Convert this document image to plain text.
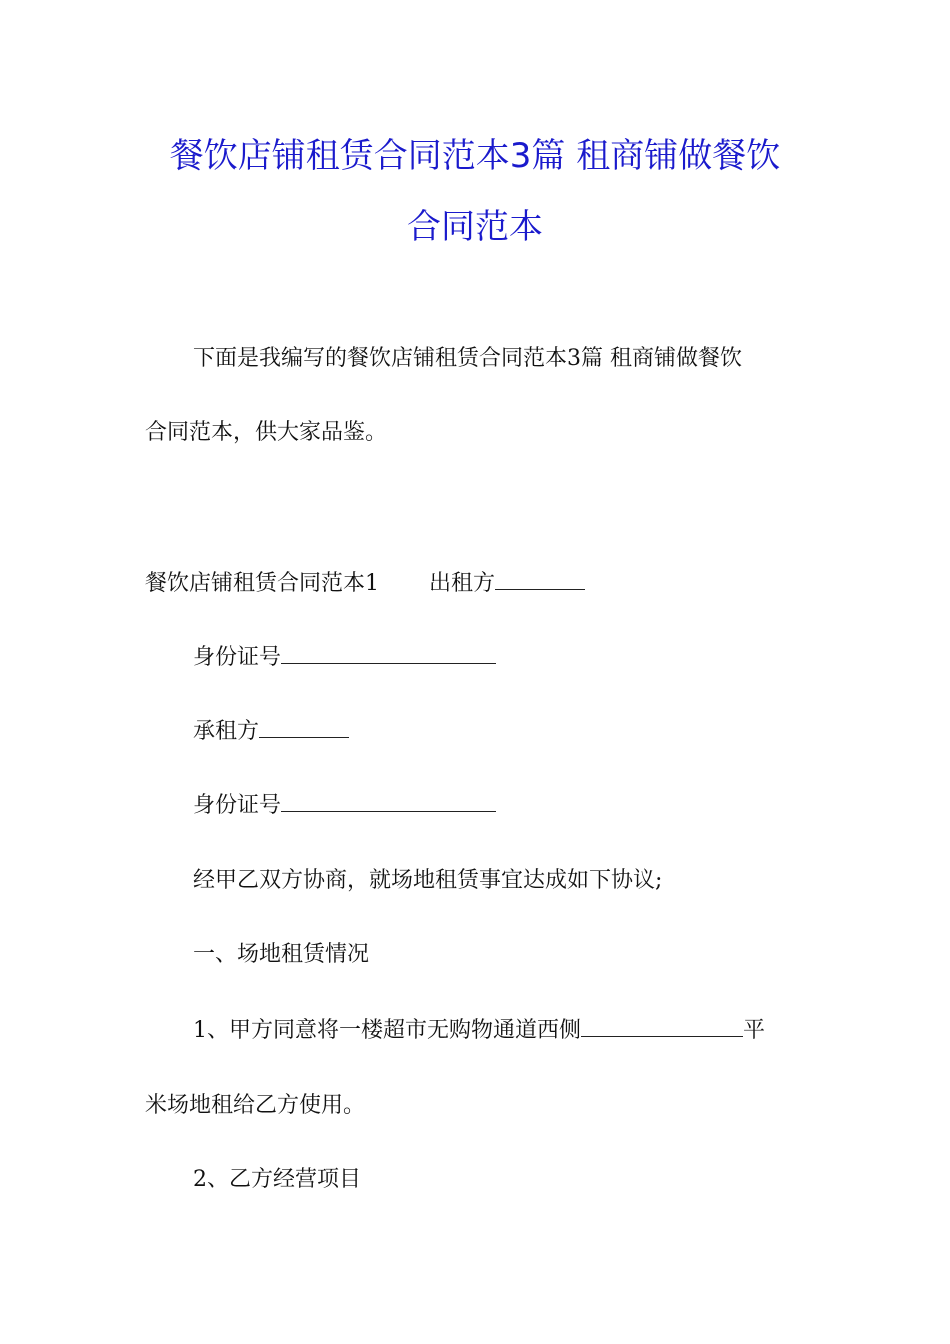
餐饮店铺租赁合同范本3篇 租商铺做餐饮
合同范本
下面是我编写的餐饮店铺租赁合同范本3篇 租商铺做餐饮
合同范本，供大家品鉴。
餐饮店铺租赁合同范本1 出租方
身份证号
承租方
身份证号
经甲乙双方协商，就场地租赁事宜达成如下协议;
一、场地租赁情况
1、甲方同意将一楼超市无购物通道西侧	平
米场地租给乙方使用。
2、乙方经营项目
